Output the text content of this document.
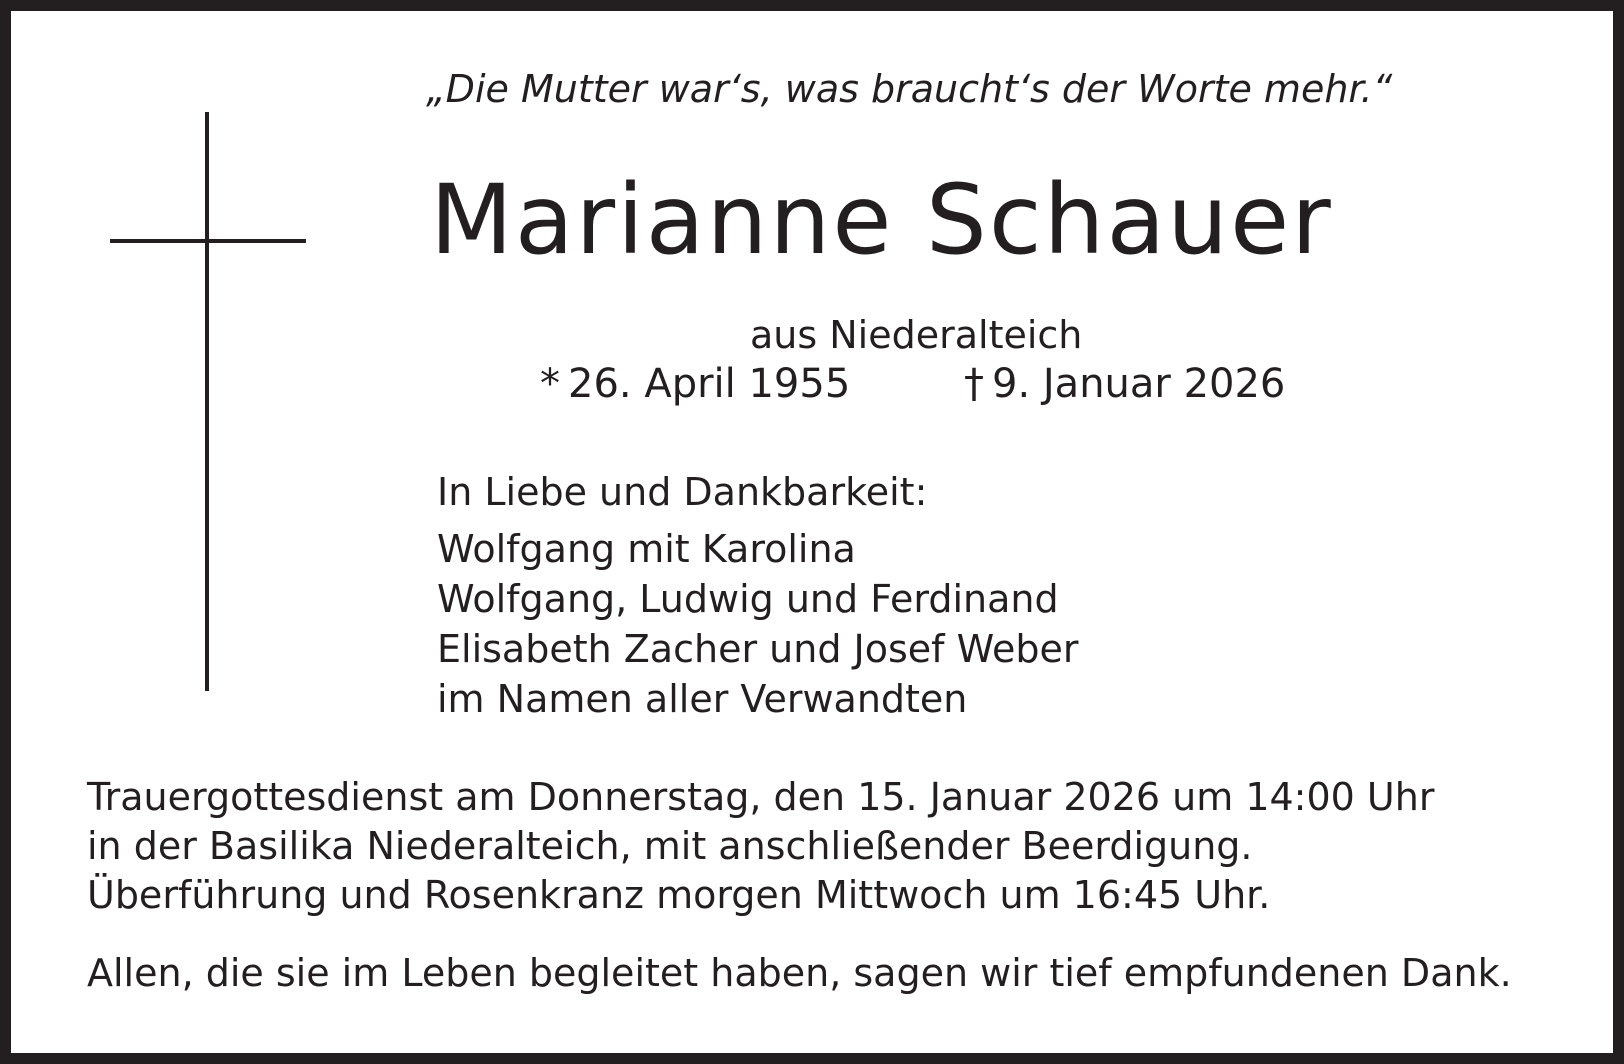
„Die Mutter war‘s, was braucht‘s der Worte mehr.“
Marianne Schauer
aus Niederalteich
* 26. April 1955	† 9. Januar 2026
In Liebe und Dankbarkeit:
Wolfgang mit Karolina
Wolfgang, Ludwig und Ferdinand
Elisabeth Zacher und Josef Weber
im Namen aller Verwandten
Trauergottesdienst am Donnerstag, den 15. Januar 2026 um 14:00 Uhr
in der Basilika Niederalteich, mit anschließender Beerdigung.
Überführung und Rosenkranz morgen Mittwoch um 16:45 Uhr.
Allen, die sie im Leben begleitet haben, sagen wir tief empfundenen Dank.
